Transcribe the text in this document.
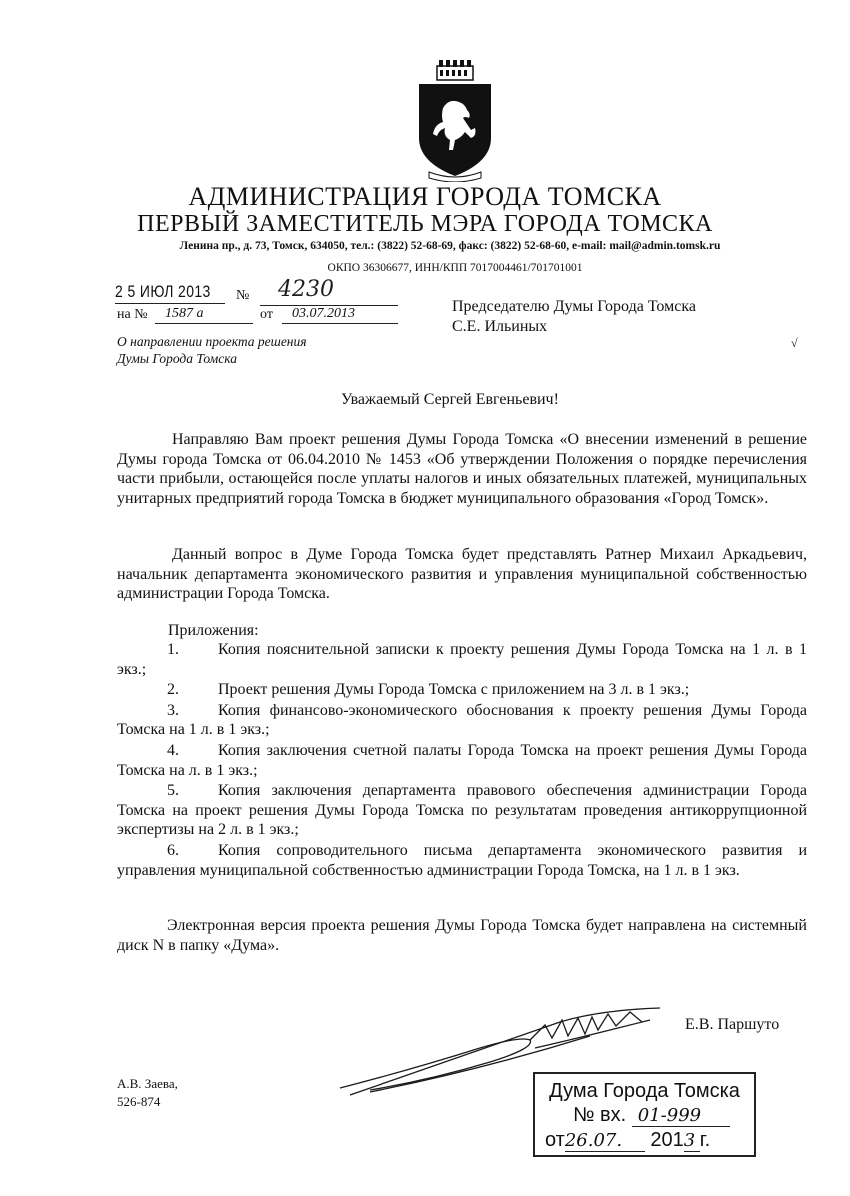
АДМИНИСТРАЦИЯ ГОРОДА ТОМСКА
ПЕРВЫЙ ЗАМЕСТИТЕЛЬ МЭРА ГОРОДА ТОМСКА
Ленина пр., д. 73, Томск, 634050, тел.: (3822) 52-68-69, факс: (3822) 52-68-60, e-mail: mail@admin.tomsk.ru
ОКПО 36306677, ИНН/КПП 7017004461/701701001
2 5 ИЮЛ 2013 №	4230
на №	1587 а	от	03.07.2013	Председателю Думы Города Томска
С.Е. Ильиных
√
О направлении проекта решения
Думы Города Томска
Уважаемый Сергей Евгеньевич!
Направляю Вам проект решения Думы Города Томска «О внесении изменений в решение Думы города Томска от 06.04.2010 № 1453 «Об утверждении Положения о порядке перечисления части прибыли, остающейся после уплаты налогов и иных обязательных платежей, муниципальных унитарных предприятий города Томска в бюджет муниципального образования «Город Томск».
Данный вопрос в Думе Города Томска будет представлять Ратнер Михаил Аркадьевич, начальник департамента экономического развития и управления муниципальной собственностью администрации Города Томска.
Приложения:
1.	Копия пояснительной записки к проекту решения Думы Города Томска на 1 л. в 1 экз.;
2.	Проект решения Думы Города Томска с приложением на 3 л. в 1 экз.;
3.	Копия финансово-экономического обоснования к проекту решения Думы Города Томска на 1 л. в 1 экз.;
4.	Копия заключения счетной палаты Города Томска на проект решения Думы Города Томска на л. в 1 экз.;
5.	Копия заключения департамента правового обеспечения администрации Города Томска на проект решения Думы Города Томска по результатам проведения антикоррупционной экспертизы на 2 л. в 1 экз.;
6.	Копия сопроводительного письма департамента экономического развития и управления муниципальной собственностью администрации Города Томска, на 1 л. в 1 экз.
Электронная версия проекта решения Думы Города Томска будет направлена на системный диск N в папку «Дума».
Е.В. Паршуто
А.В. Заева,
526-874	Дума Города Томска
№ вх. 01-999
от26.07. 2013 г.
